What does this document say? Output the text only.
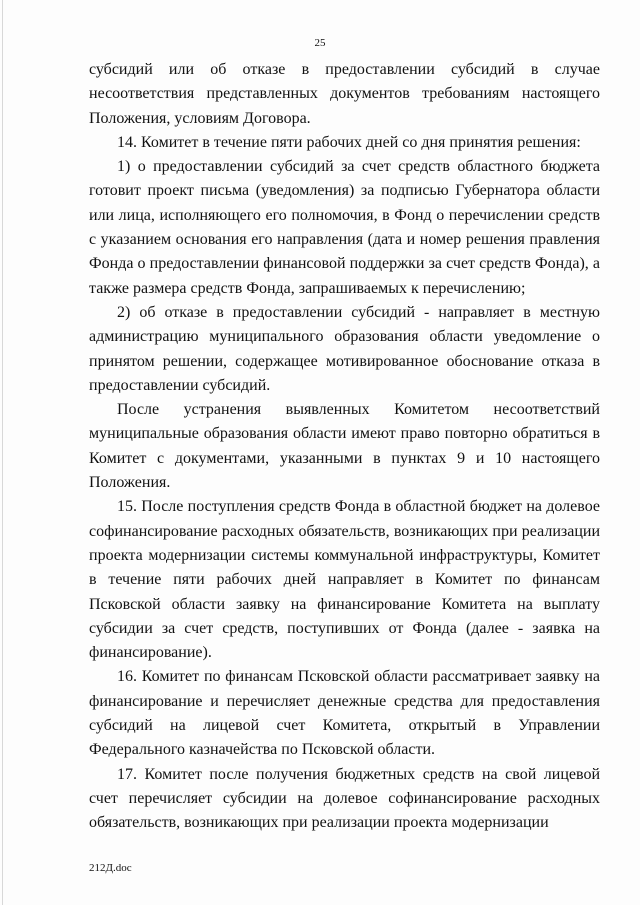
25

субсидий или об отказе в предоставлении субсидий в случае несоответствия представленных документов требованиям настоящего Положения, условиям Договора.

14. Комитет в течение пяти рабочих дней со дня принятия решения:

1) о предоставлении субсидий за счет средств областного бюджета готовит проект письма (уведомления) за подписью Губернатора области или лица, исполняющего его полномочия, в Фонд о перечислении средств с указанием основания его направления (дата и номер решения правления Фонда о предоставлении финансовой поддержки за счет средств Фонда), а также размера средств Фонда, запрашиваемых к перечислению;

2) об отказе в предоставлении субсидий - направляет в местную администрацию муниципального образования области уведомление о принятом решении, содержащее мотивированное обоснование отказа в предоставлении субсидий.

После устранения выявленных Комитетом несоответствий муниципальные образования области имеют право повторно обратиться в Комитет с документами, указанными в пунктах 9 и 10 настоящего Положения.

15. После поступления средств Фонда в областной бюджет на долевое софинансирование расходных обязательств, возникающих при реализации проекта модернизации системы коммунальной инфраструктуры, Комитет в течение пяти рабочих дней направляет в Комитет по финансам Псковской области заявку на финансирование Комитета на выплату субсидии за счет средств, поступивших от Фонда (далее - заявка на финансирование).

16. Комитет по финансам Псковской области рассматривает заявку на финансирование и перечисляет денежные средства для предоставления субсидий на лицевой счет Комитета, открытый в Управлении Федерального казначейства по Псковской области.

17. Комитет после получения бюджетных средств на свой лицевой счет перечисляет субсидии на долевое софинансирование расходных обязательств, возникающих при реализации проекта модернизации

212Д.doc
